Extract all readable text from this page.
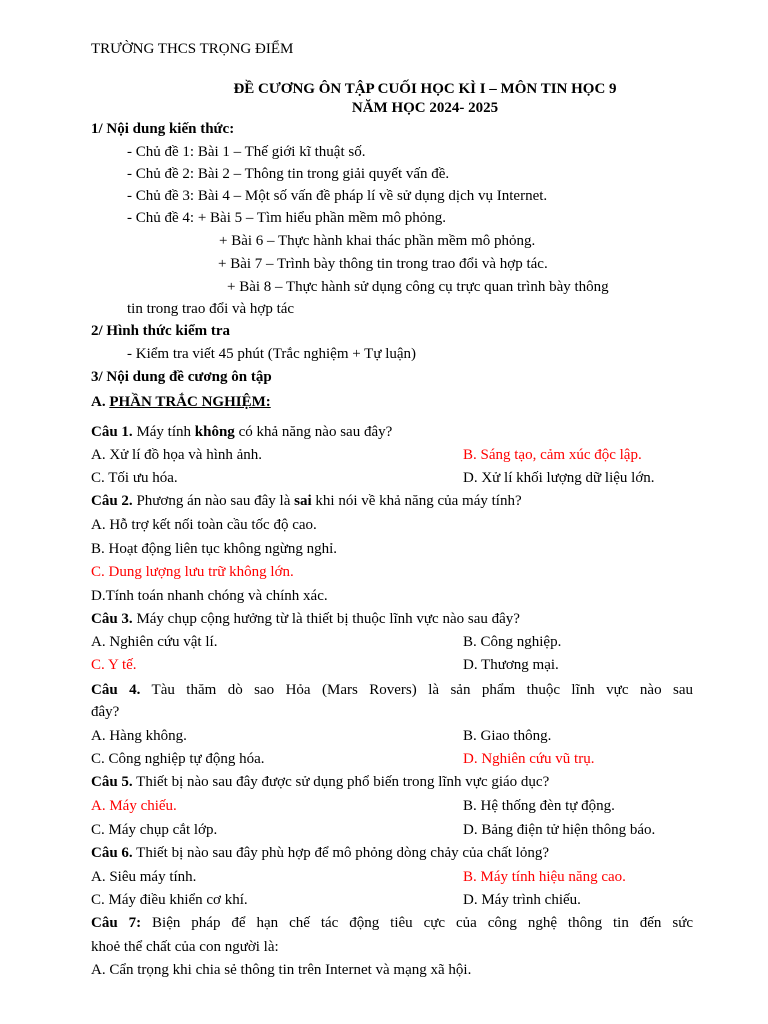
TRƯỜNG THCS TRỌNG ĐIỂM
ĐỀ CƯƠNG ÔN TẬP CUỐI HỌC KÌ I – MÔN TIN HỌC 9
NĂM HỌC 2024- 2025
1/ Nội dung kiến thức:
- Chủ đề 1: Bài 1 – Thế giới kĩ thuật số.
- Chủ đề 2: Bài 2 – Thông tin trong giải quyết vấn đề.
- Chủ đề 3: Bài 4 – Một số vấn đề pháp lí về sử dụng dịch vụ Internet.
- Chủ đề 4: + Bài 5 – Tìm hiểu phần mềm mô phỏng.
+ Bài 6 – Thực hành khai thác phần mềm mô phỏng.
+ Bài 7 – Trình bày thông tin trong trao đổi và hợp tác.
+ Bài 8 – Thực hành sử dụng công cụ trực quan trình bày thông
tin trong trao đổi và hợp tác
2/ Hình thức kiểm tra
- Kiểm tra viết 45 phút (Trắc nghiệm + Tự luận)
3/ Nội dung đề cương ôn tập
A. PHẦN TRẮC NGHIỆM:
Câu 1. Máy tính không có khả năng nào sau đây?
A. Xử lí đồ họa và hình ảnh.	B. Sáng tạo, cảm xúc độc lập.
C. Tối ưu hóa.	D. Xử lí khối lượng dữ liệu lớn.
Câu 2. Phương án nào sau đây là sai khi nói về khả năng của máy tính?
A. Hỗ trợ kết nối toàn cầu tốc độ cao.
B. Hoạt động liên tục không ngừng nghỉ.
C. Dung lượng lưu trữ không lớn.
D.Tính toán nhanh chóng và chính xác.
Câu 3. Máy chụp cộng hưởng từ là thiết bị thuộc lĩnh vực nào sau đây?
A. Nghiên cứu vật lí.	B. Công nghiệp.
C. Y tế.	D. Thương mại.
Câu 4. Tàu thăm dò sao Hỏa (Mars Rovers) là sản phẩm thuộc lĩnh vực nào sau
đây?
A. Hàng không.	B. Giao thông.
C. Công nghiệp tự động hóa.	D. Nghiên cứu vũ trụ.
Câu 5. Thiết bị nào sau đây được sử dụng phổ biến trong lĩnh vực giáo dục?
A. Máy chiếu.	B. Hệ thống đèn tự động.
C. Máy chụp cắt lớp.	D. Bảng điện tử hiện thông báo.
Câu 6. Thiết bị nào sau đây phù hợp để mô phỏng dòng chảy của chất lỏng?
A. Siêu máy tính.	B. Máy tính hiệu năng cao.
C. Máy điều khiển cơ khí.	D. Máy trình chiếu.
Câu 7: Biện pháp để hạn chế tác động tiêu cực của công nghệ thông tin đến sức
khoẻ thể chất của con người là:
A. Cẩn trọng khi chia sẻ thông tin trên Internet và mạng xã hội.
